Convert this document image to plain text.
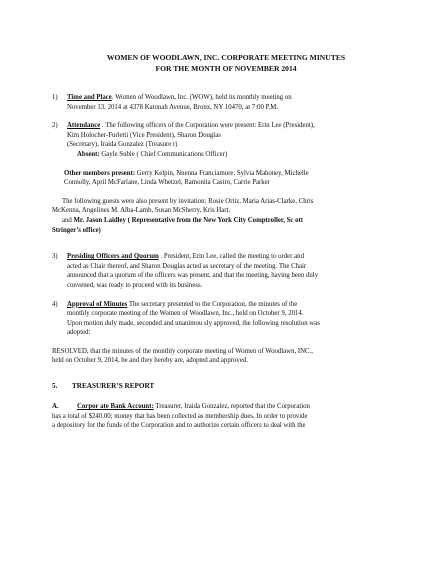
WOMEN OF WOODLAWN, INC. CORPORATE MEETING MINUTES

FOR THE MONTH OF NOVEMBER 2014

1) Time and Place. Women of Woodlawn, Inc. (WOW), held its monthly meeting on
November 13, 2014 at 4378 Katonah Avenue, Bronx, NY 10470, at 7:00 P.M.
2) Attendance . The following officers of the Corporation were present: Erin Lee (President),
Kim Holocher-Furletti (Vice President), Sharon Douglas
(Secretary), Iraida Gonzalez (Treasure r)
Absent: Gayle Suble ( Chief Communications Officer)
Other members present: Gerry Kelpin, Nnenna Franciamore, Sylvia Mahoney, Michelle
Connolly, April McFarlane, Linda Whetzel, Ramonita Castro, Carrie Parker
The following guests were also present by invitation: Rosie Ortiz, Maria Arias-Clarke, Chris
McKenna, Angelines M. Alba-Lamb, Susan McSherry, Kris Hart,
and Mr. Jason Laidley ( Representative from the New York City Comptroller, Sc ott
Stringer’s office)
3) Presiding Officers and Quorum . President, Erin Lee, called the meeting to order and
acted as Chair thereof, and Sharon Douglas acted as secretary of the meeting. The Chair
announced that a quorum of the officers was present, and that the meeting, having been duly
convened, was ready to proceed with its business.
4) Approval of Minutes The secretary presented to the Corporation, the minutes of the
monthly corporate meeting of the Women of Woodlawn, Inc., held on October 9, 2014.
Upon motion duly made, seconded and unanimou sly approved, the following resolution was
adopted:
RESOLVED, that the minutes of the monthly corporate meeting of Women of Woodlawn, INC.,
held on October 9, 2014, be and they hereby are, adopted and approved.
5. TREASURER’S REPORT
A.	Corpor ate Bank Account: Treasurer, Iraida Gonzalez, reported that the Corporation
has a total of $240.00; money that has been collected as membership dues. In order to provide
a depository for the funds of the Corporation and to authorize certain officers to deal with the
